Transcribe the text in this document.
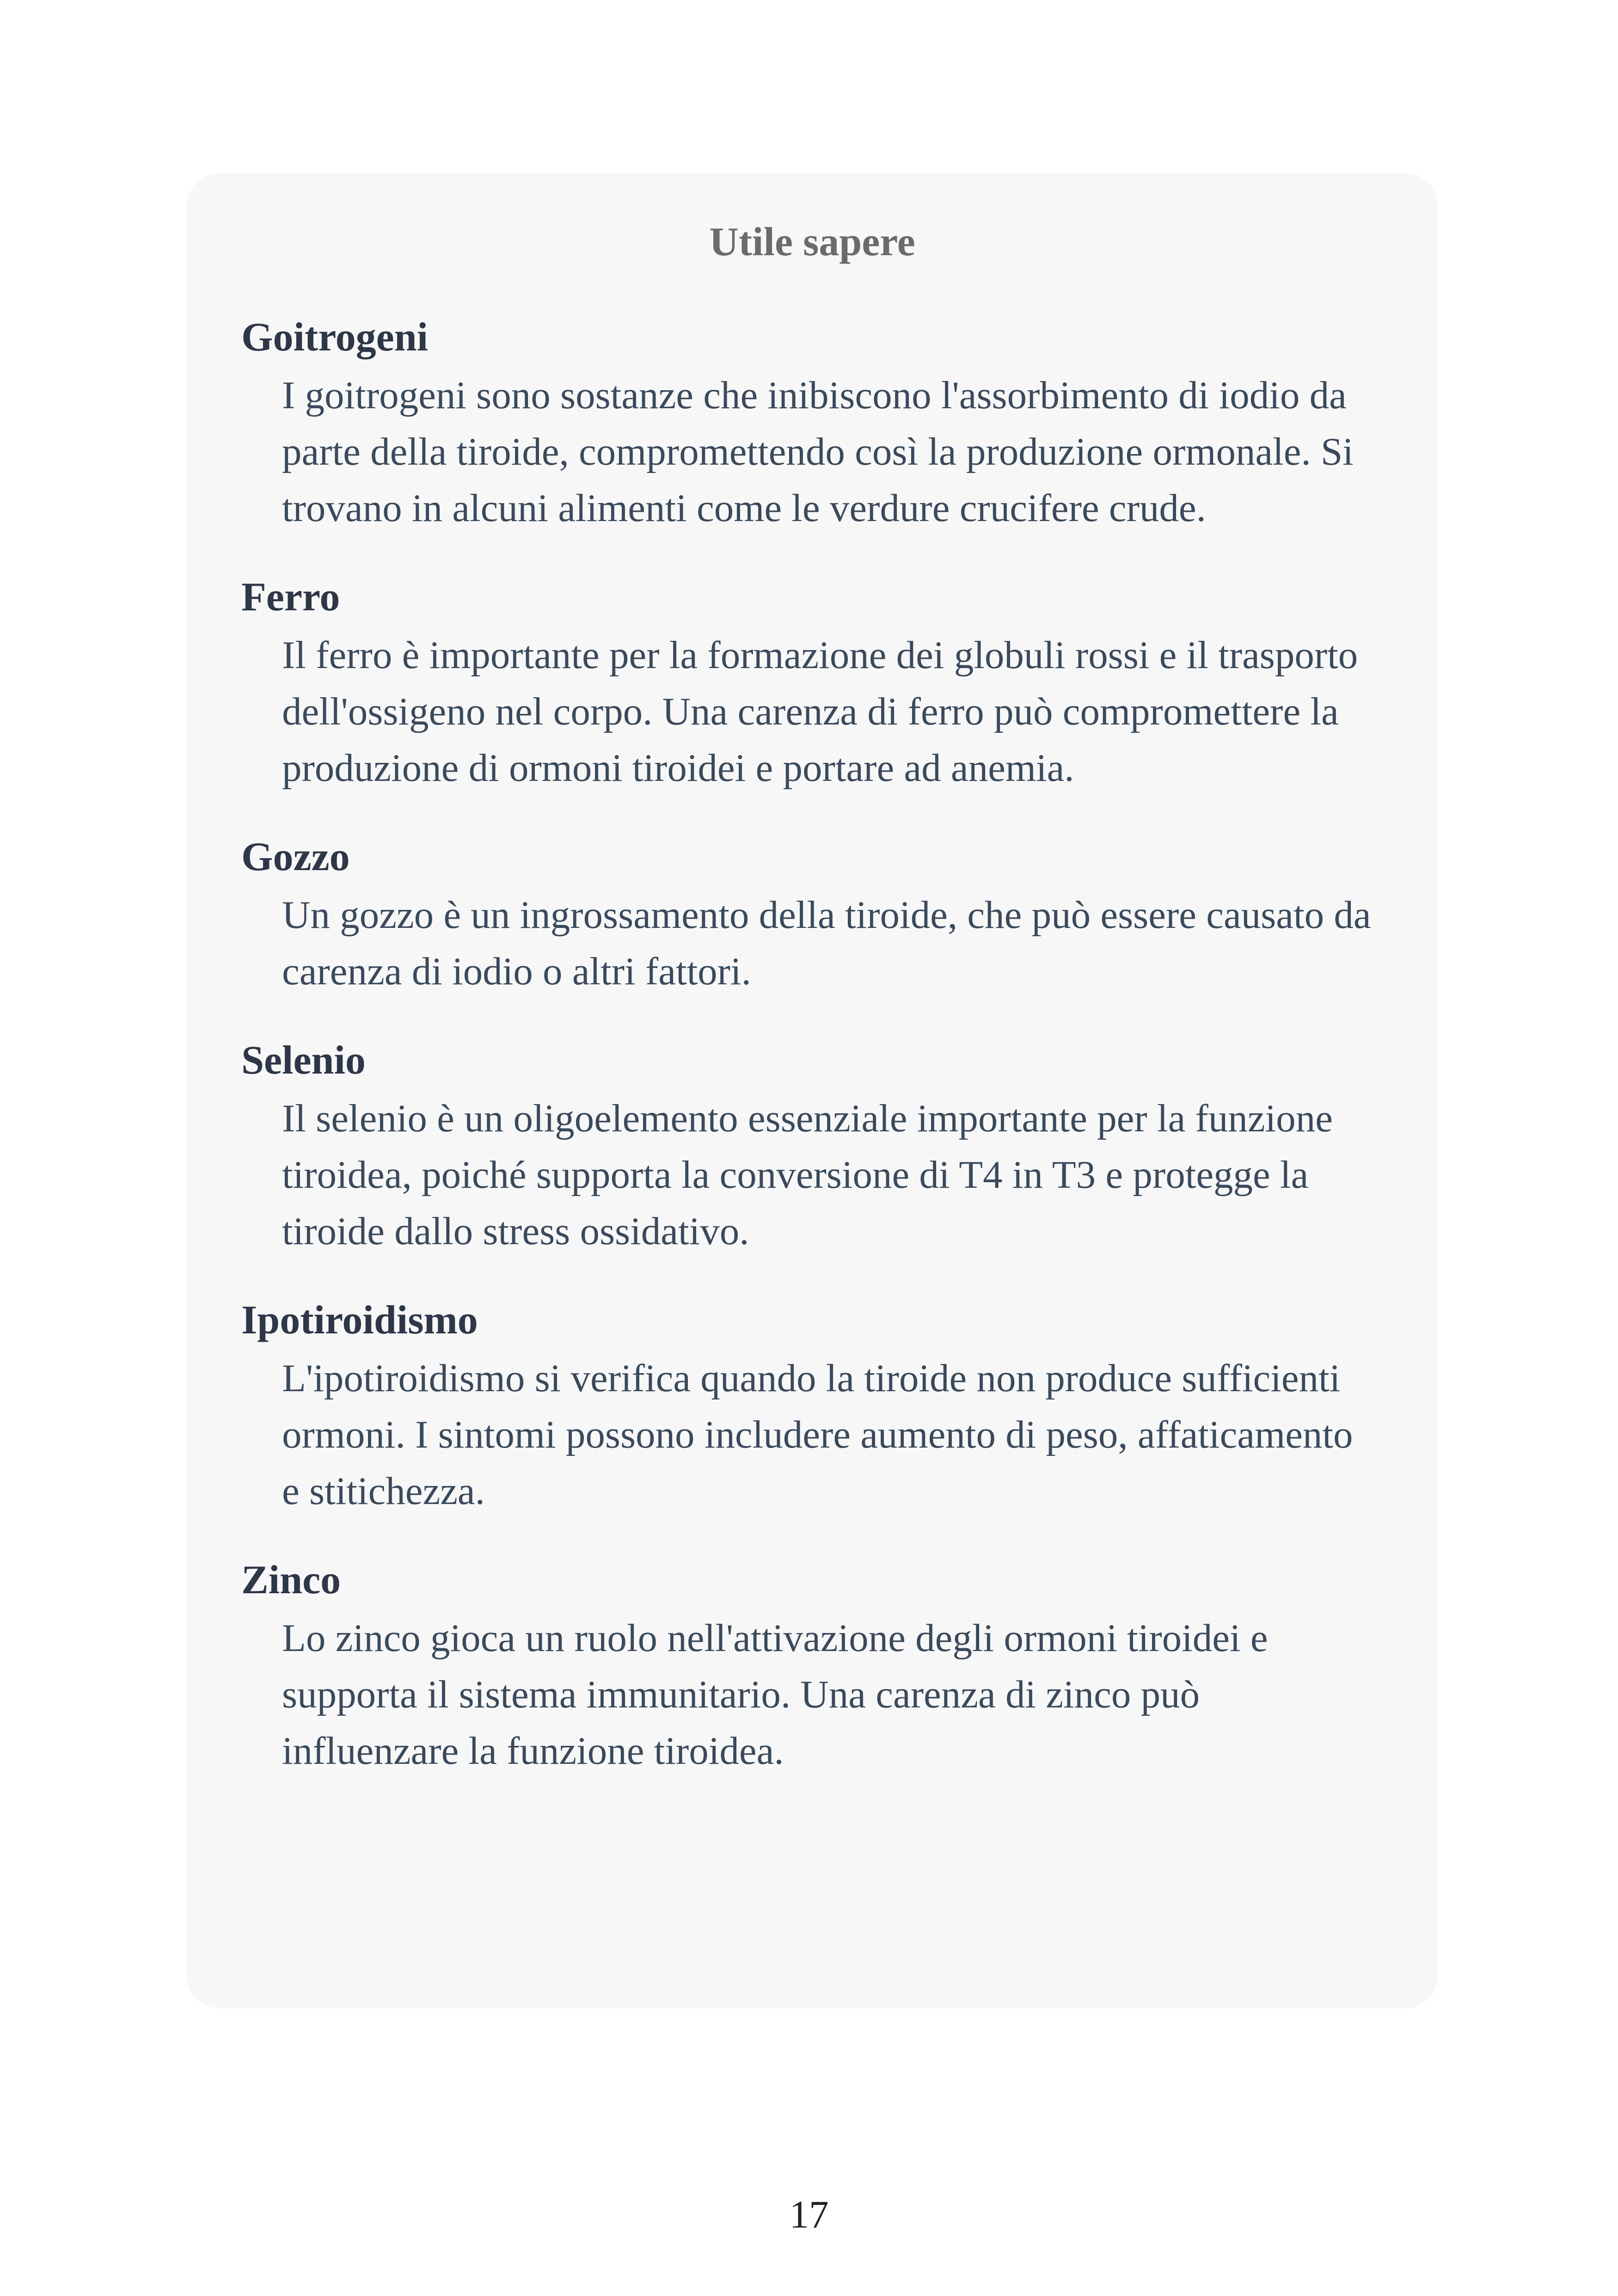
Utile sapere
Goitrogeni
I goitrogeni sono sostanze che inibiscono l'assorbimento di iodio da parte della tiroide, compromettendo così la produzione ormonale. Si trovano in alcuni alimenti come le verdure crucifere crude.
Ferro
Il ferro è importante per la formazione dei globuli rossi e il trasporto dell'ossigeno nel corpo. Una carenza di ferro può compromettere la produzione di ormoni tiroidei e portare ad anemia.
Gozzo
Un gozzo è un ingrossamento della tiroide, che può essere causato da carenza di iodio o altri fattori.
Selenio
Il selenio è un oligoelemento essenziale importante per la funzione tiroidea, poiché supporta la conversione di T4 in T3 e protegge la tiroide dallo stress ossidativo.
Ipotiroidismo
L'ipotiroidismo si verifica quando la tiroide non produce sufficienti ormoni. I sintomi possono includere aumento di peso, affaticamento e stitichezza.
Zinco
Lo zinco gioca un ruolo nell'attivazione degli ormoni tiroidei e supporta il sistema immunitario. Una carenza di zinco può influenzare la funzione tiroidea.
17
